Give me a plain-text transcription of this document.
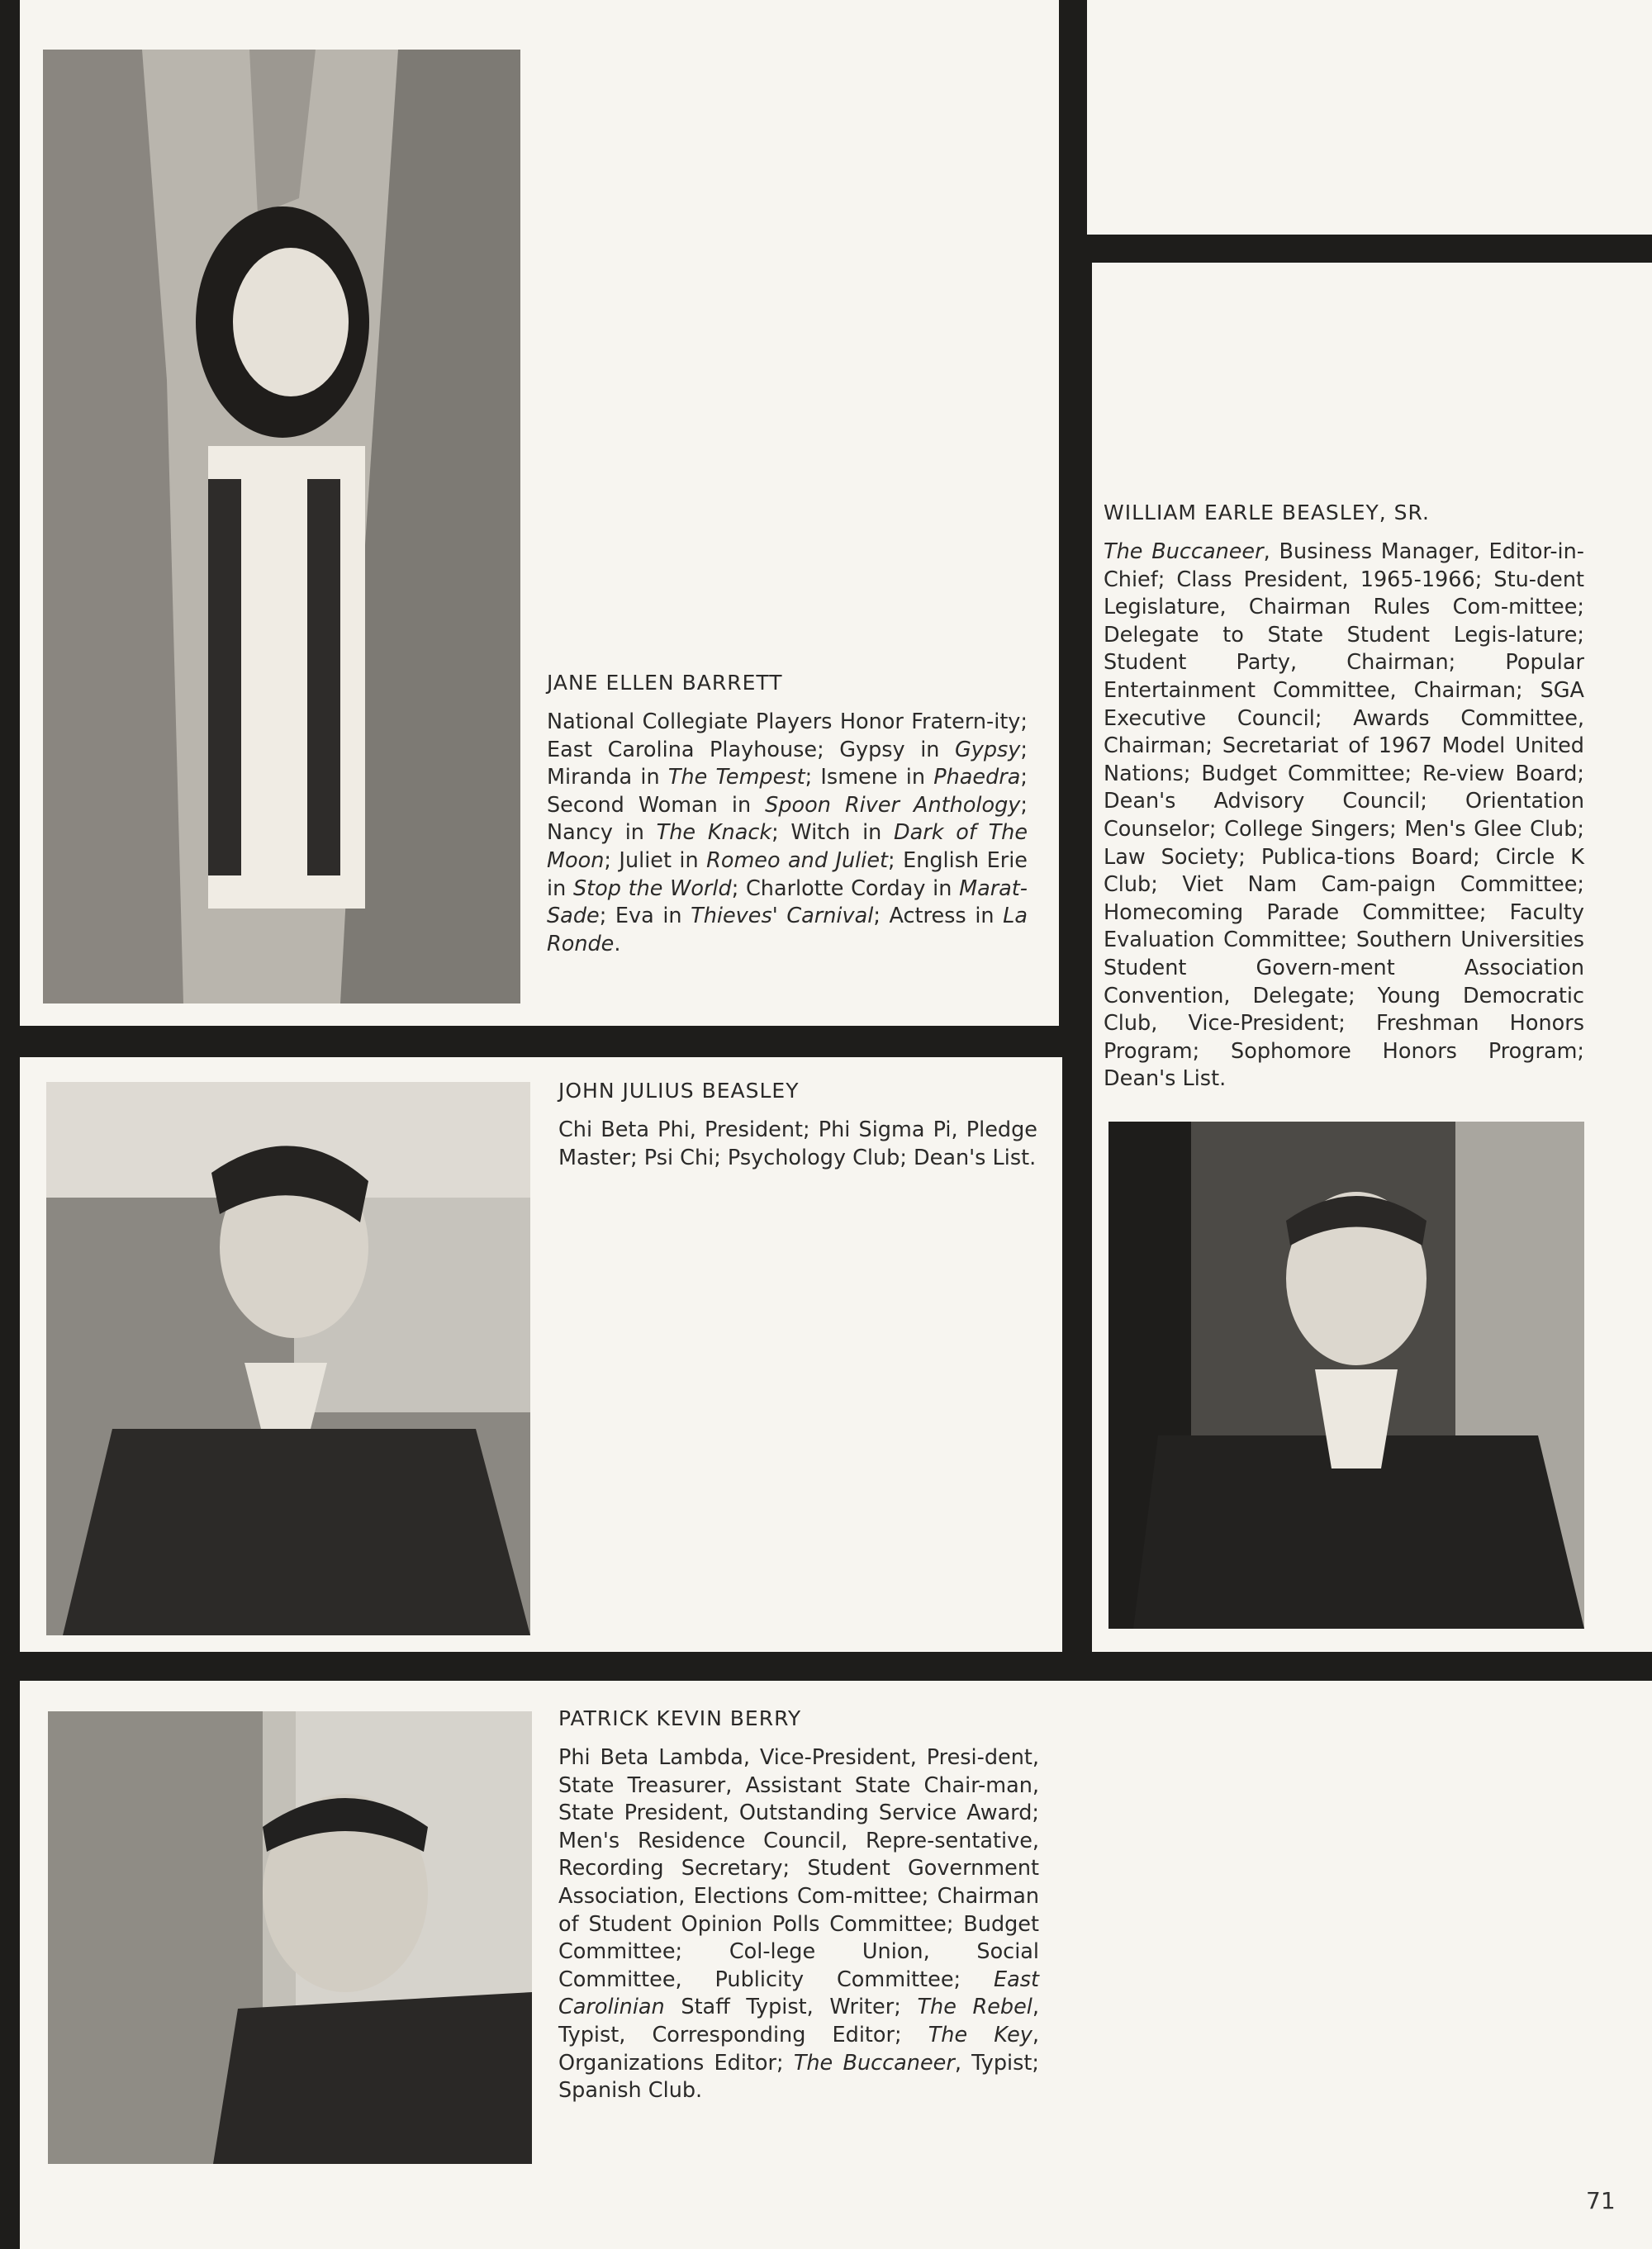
JANE ELLEN BARRETT
National Collegiate Players Honor Fratern-ity; East Carolina Playhouse; Gypsy in Gypsy; Miranda in The Tempest; Ismene in Phaedra; Second Woman in Spoon River Anthology; Nancy in The Knack; Witch in Dark of The Moon; Juliet in Romeo and Juliet; English Erie in Stop the World; Charlotte Corday in Marat-Sade; Eva in Thieves' Carnival; Actress in La Ronde.
JOHN JULIUS BEASLEY
Chi Beta Phi, President; Phi Sigma Pi, Pledge Master; Psi Chi; Psychology Club; Dean's List.
WILLIAM EARLE BEASLEY, SR.
The Buccaneer, Business Manager, Editor-in-Chief; Class President, 1965-1966; Stu-dent Legislature, Chairman Rules Com-mittee; Delegate to State Student Legis-lature; Student Party, Chairman; Popular Entertainment Committee, Chairman; SGA Executive Council; Awards Committee, Chairman; Secretariat of 1967 Model United Nations; Budget Committee; Re-view Board; Dean's Advisory Council; Orientation Counselor; College Singers; Men's Glee Club; Law Society; Publica-tions Board; Circle K Club; Viet Nam Cam-paign Committee; Homecoming Parade Committee; Faculty Evaluation Committee; Southern Universities Student Govern-ment Association Convention, Delegate; Young Democratic Club, Vice-President; Freshman Honors Program; Sophomore Honors Program; Dean's List.
PATRICK KEVIN BERRY
Phi Beta Lambda, Vice-President, Presi-dent, State Treasurer, Assistant State Chair-man, State President, Outstanding Service Award; Men's Residence Council, Repre-sentative, Recording Secretary; Student Government Association, Elections Com-mittee; Chairman of Student Opinion Polls Committee; Budget Committee; Col-lege Union, Social Committee, Publicity Committee; East Carolinian Staff Typist, Writer; The Rebel, Typist, Corresponding Editor; The Key, Organizations Editor; The Buccaneer, Typist; Spanish Club.
71
